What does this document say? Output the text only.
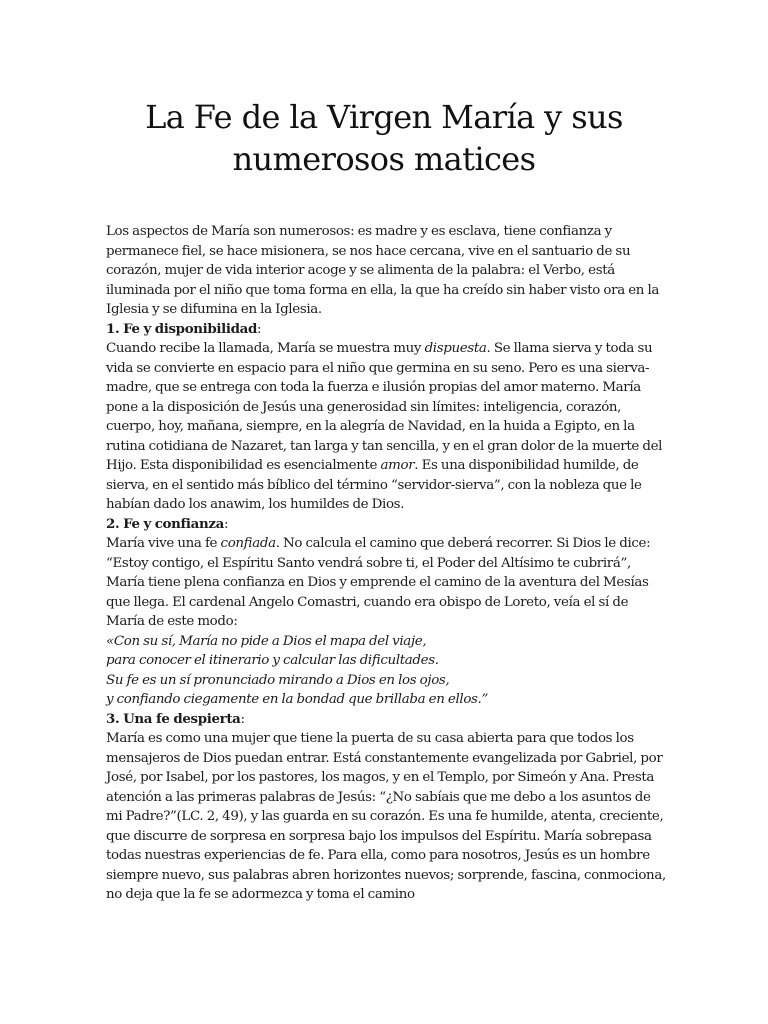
La Fe de la Virgen María y sus numerosos matices

Los aspectos de María son numerosos: es madre y es esclava, tiene confianza y permanece fiel, se hace misionera, se nos hace cercana, vive en el santuario de su corazón, mujer de vida interior acoge y se alimenta de la palabra: el Verbo, está iluminada por el niño que toma forma en ella, la que ha creído sin haber visto ora en la Iglesia y se difumina en la Iglesia.

1. Fe y disponibilidad:

Cuando recibe la llamada, María se muestra muy dispuesta. Se llama sierva y toda su vida se convierte en espacio para el niño que germina en su seno. Pero es una sierva-madre, que se entrega con toda la fuerza e ilusión propias del amor materno. María pone a la disposición de Jesús una generosidad sin límites: inteligencia, corazón, cuerpo, hoy, mañana, siempre, en la alegría de Navidad, en la huida a Egipto, en la rutina cotidiana de Nazaret, tan larga y tan sencilla, y en el gran dolor de la muerte del Hijo. Esta disponibilidad es esencialmente amor. Es una disponibilidad humilde, de sierva, en el sentido más bíblico del término “servidor-sierva”, con la nobleza que le habían dado los anawim, los humildes de Dios.

2. Fe y confianza:

María vive una fe confiada. No calcula el camino que deberá recorrer. Si Dios le dice: “Estoy contigo, el Espíritu Santo vendrá sobre ti, el Poder del Altísimo te cubrirá”, María tiene plena confianza en Dios y emprende el camino de la aventura del Mesías que llega. El cardenal Angelo Comastri, cuando era obispo de Loreto, veía el sí de María de este modo:

«Con su sí, María no pide a Dios el mapa del viaje,

para conocer el itinerario y calcular las dificultades.

Su fe es un sí pronunciado mirando a Dios en los ojos,

y confiando ciegamente en la bondad que brillaba en ellos.”

3. Una fe despierta:

María es como una mujer que tiene la puerta de su casa abierta para que todos los mensajeros de Dios puedan entrar. Está constantemente evangelizada por Gabriel, por José, por Isabel, por los pastores, los magos, y en el Templo, por Simeón y Ana. Presta atención a las primeras palabras de Jesús: “¿No sabíais que me debo a los asuntos de mi Padre?”(LC. 2, 49), y las guarda en su corazón. Es una fe humilde, atenta, creciente, que discurre de sorpresa en sorpresa bajo los impulsos del Espíritu. María sobrepasa todas nuestras experiencias de fe. Para ella, como para nosotros, Jesús es un hombre siempre nuevo, sus palabras abren horizontes nuevos; sorprende, fascina, conmociona, no deja que la fe se adormezca y toma el camino
